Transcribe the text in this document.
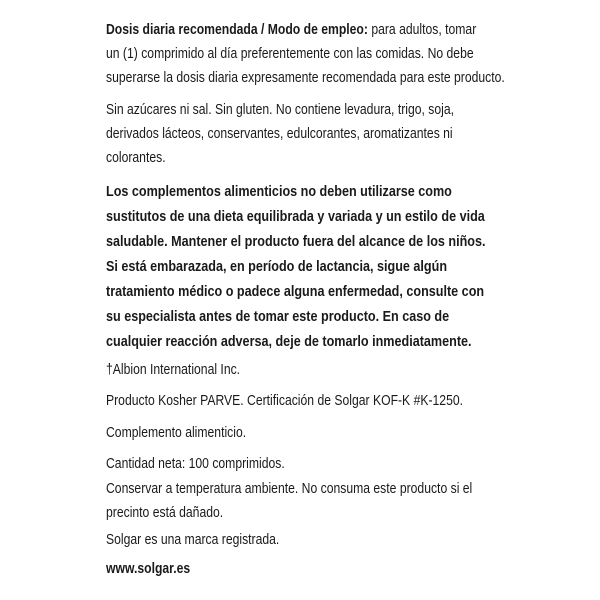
Dosis diaria recomendada / Modo de empleo: para adultos, tomar
un (1) comprimido al día preferentemente con las comidas. No debe
superarse la dosis diaria expresamente recomendada para este producto.
Sin azúcares ni sal. Sin gluten. No contiene levadura, trigo, soja,
derivados lácteos, conservantes, edulcorantes, aromatizantes ni
colorantes.
Los complementos alimenticios no deben utilizarse como
sustitutos de una dieta equilibrada y variada y un estilo de vida
saludable. Mantener el producto fuera del alcance de los niños.
Si está embarazada, en período de lactancia, sigue algún
tratamiento médico o padece alguna enfermedad, consulte con
su especialista antes de tomar este producto. En caso de
cualquier reacción adversa, deje de tomarlo inmediatamente.
†Albion International Inc.
Producto Kosher PARVE. Certificación de Solgar KOF-K #K-1250.
Complemento alimenticio.
Cantidad neta: 100 comprimidos.
Conservar a temperatura ambiente. No consuma este producto si el
precinto está dañado.
Solgar es una marca registrada.
www.solgar.es
